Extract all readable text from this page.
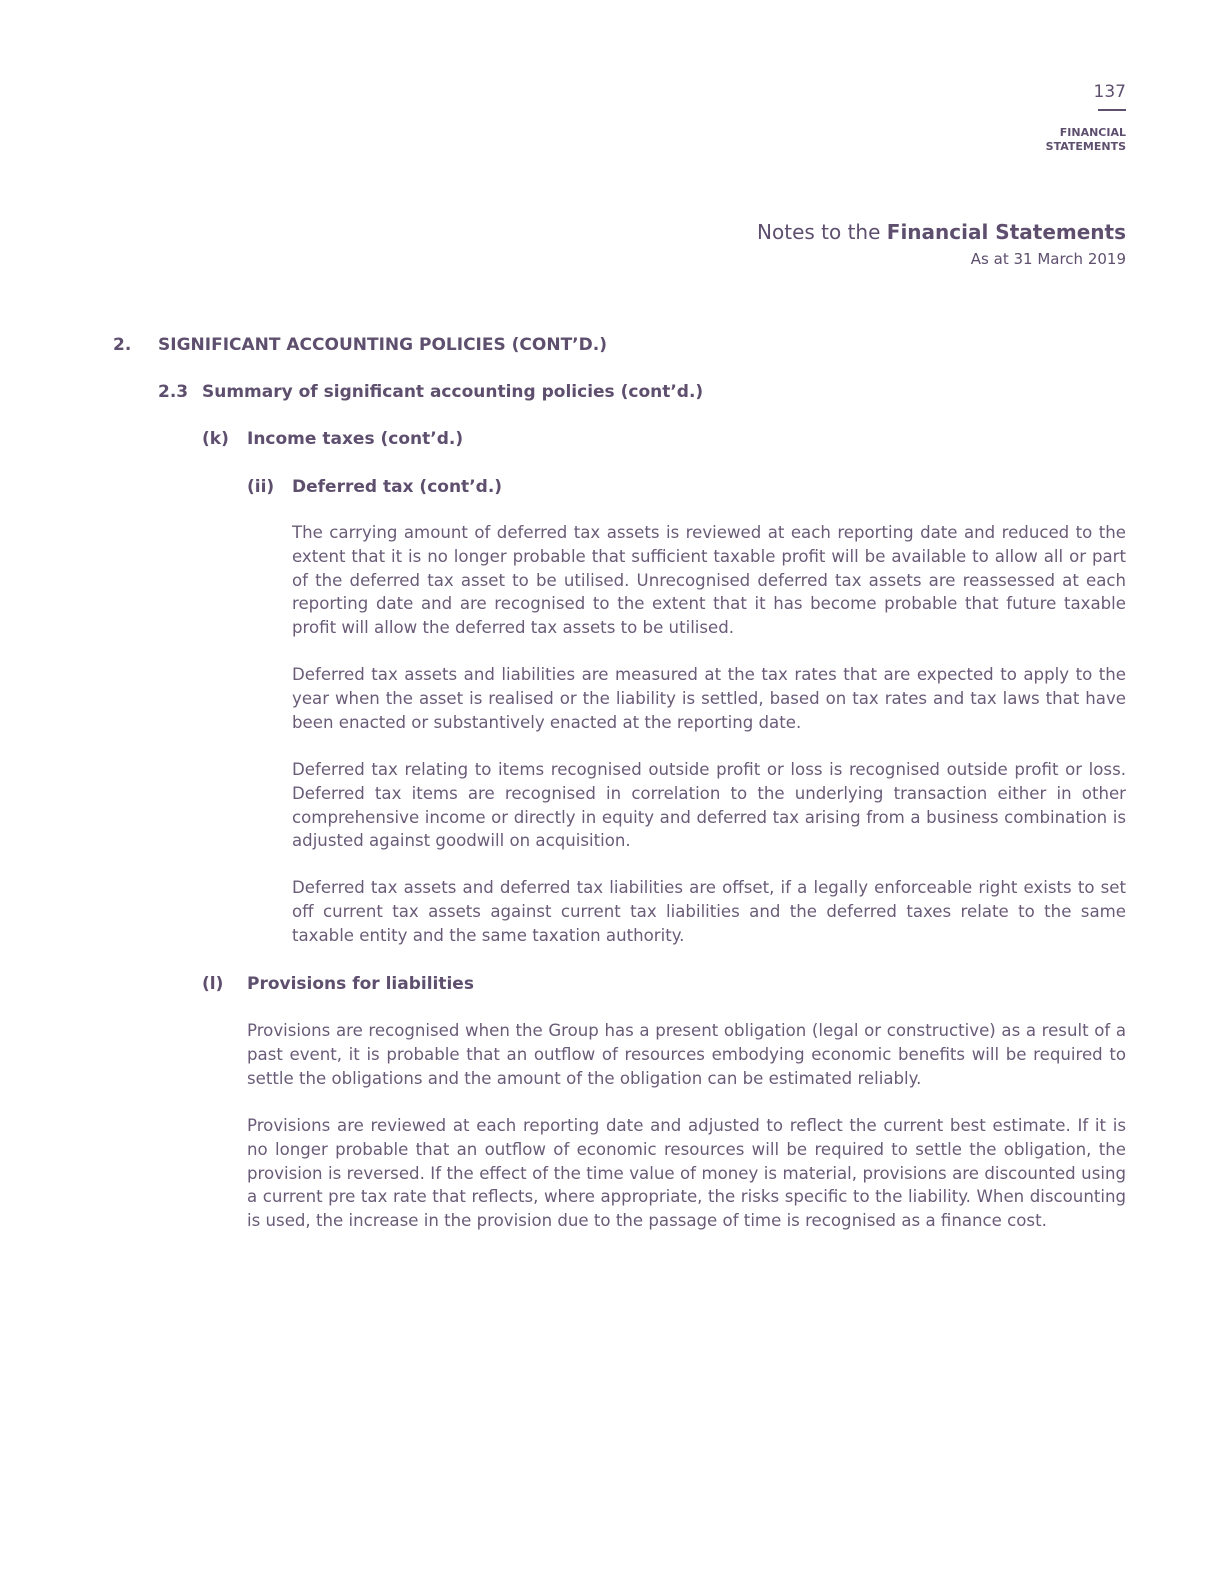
137
FINANCIAL
STATEMENTS
Notes to the Financial Statements
As at 31 March 2019
2. SIGNIFICANT ACCOUNTING POLICIES (CONT’D.)
2.3 Summary of significant accounting policies (cont’d.)
(k) Income taxes (cont’d.)
(ii) Deferred tax (cont’d.)
The carrying amount of deferred tax assets is reviewed at each reporting date and reduced to the extent that it is no longer probable that sufficient taxable profit will be available to allow all or part of the deferred tax asset to be utilised. Unrecognised deferred tax assets are reassessed at each reporting date and are recognised to the extent that it has become probable that future taxable profit will allow the deferred tax assets to be utilised.
Deferred tax assets and liabilities are measured at the tax rates that are expected to apply to the year when the asset is realised or the liability is settled, based on tax rates and tax laws that have been enacted or substantively enacted at the reporting date.
Deferred tax relating to items recognised outside profit or loss is recognised outside profit or loss. Deferred tax items are recognised in correlation to the underlying transaction either in other comprehensive income or directly in equity and deferred tax arising from a business combination is adjusted against goodwill on acquisition.
Deferred tax assets and deferred tax liabilities are offset, if a legally enforceable right exists to set off current tax assets against current tax liabilities and the deferred taxes relate to the same taxable entity and the same taxation authority.
(l) Provisions for liabilities
Provisions are recognised when the Group has a present obligation (legal or constructive) as a result of a past event, it is probable that an outflow of resources embodying economic benefits will be required to settle the obligations and the amount of the obligation can be estimated reliably.
Provisions are reviewed at each reporting date and adjusted to reflect the current best estimate. If it is no longer probable that an outflow of economic resources will be required to settle the obligation, the provision is reversed. If the effect of the time value of money is material, provisions are discounted using a current pre tax rate that reflects, where appropriate, the risks specific to the liability. When discounting is used, the increase in the provision due to the passage of time is recognised as a finance cost.
